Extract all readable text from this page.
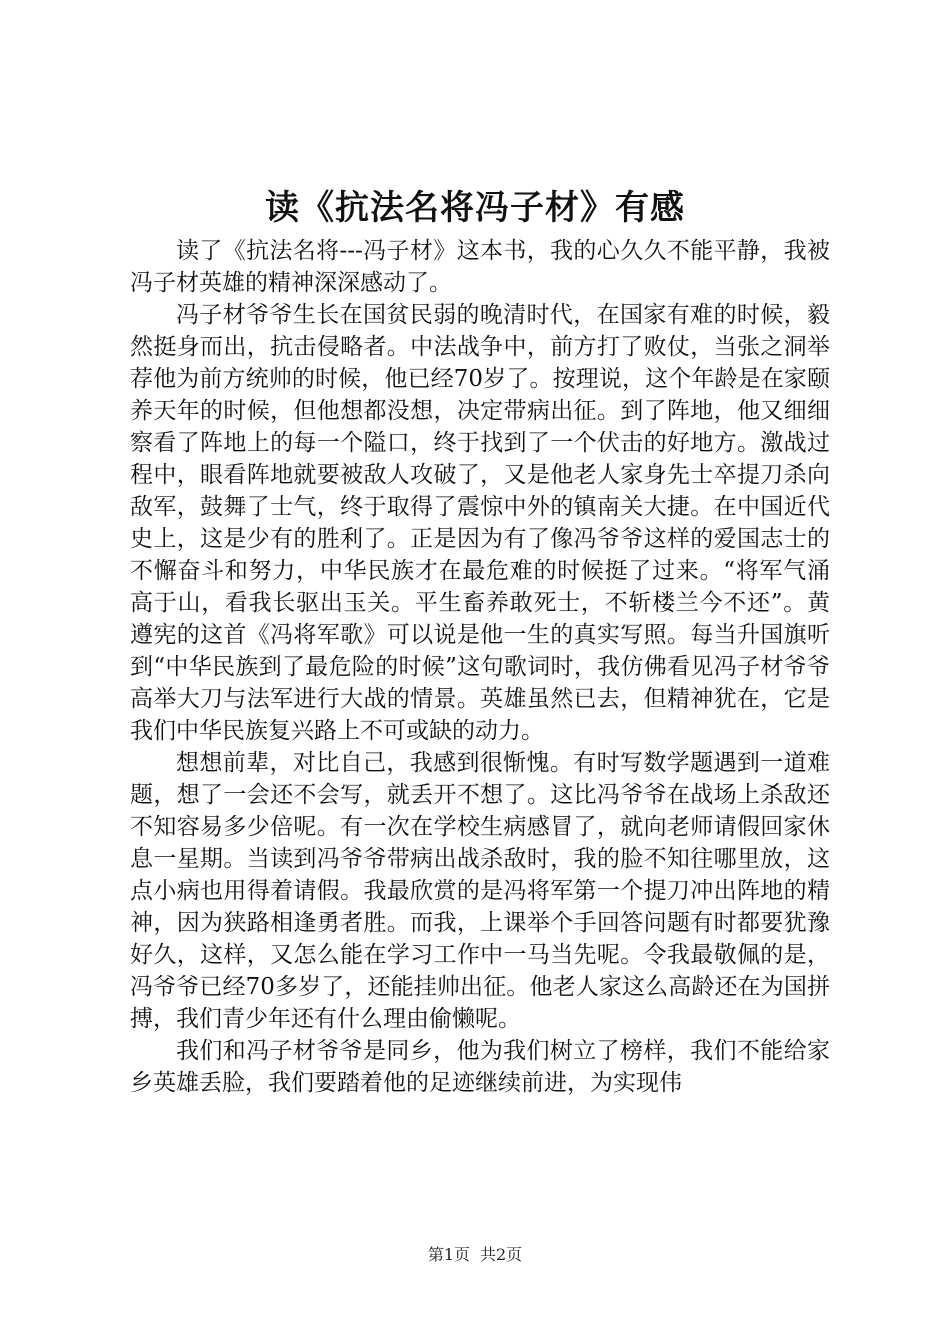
读《抗法名将冯子材》有感

读了《抗法名将---冯子材》这本书，我的心久久不能平静，我被冯子材英雄的精神深深感动了。

冯子材爷爷生长在国贫民弱的晚清时代，在国家有难的时候，毅然挺身而出，抗击侵略者。中法战争中，前方打了败仗，当张之洞举荐他为前方统帅的时候，他已经70岁了。按理说，这个年龄是在家颐养天年的时候，但他想都没想，决定带病出征。到了阵地，他又细细察看了阵地上的每一个隘口，终于找到了一个伏击的好地方。激战过程中，眼看阵地就要被敌人攻破了，又是他老人家身先士卒提刀杀向敌军，鼓舞了士气，终于取得了震惊中外的镇南关大捷。在中国近代史上，这是少有的胜利了。正是因为有了像冯爷爷这样的爱国志士的不懈奋斗和努力，中华民族才在最危难的时候挺了过来。“将军气涌高于山，看我长驱出玉关。平生畜养敢死士，不斩楼兰今不还”。黄遵宪的这首《冯将军歌》可以说是他一生的真实写照。每当升国旗听到“中华民族到了最危险的时候”这句歌词时，我仿佛看见冯子材爷爷高举大刀与法军进行大战的情景。英雄虽然已去，但精神犹在，它是我们中华民族复兴路上不可或缺的动力。

想想前辈，对比自己，我感到很惭愧。有时写数学题遇到一道难题，想了一会还不会写，就丢开不想了。这比冯爷爷在战场上杀敌还不知容易多少倍呢。有一次在学校生病感冒了，就向老师请假回家休息一星期。当读到冯爷爷带病出战杀敌时，我的脸不知往哪里放，这点小病也用得着请假。我最欣赏的是冯将军第一个提刀冲出阵地的精神，因为狭路相逢勇者胜。而我，上课举个手回答问题有时都要犹豫好久，这样，又怎么能在学习工作中一马当先呢。令我最敬佩的是，冯爷爷已经70多岁了，还能挂帅出征。他老人家这么高龄还在为国拼搏，我们青少年还有什么理由偷懒呢。

我们和冯子材爷爷是同乡，他为我们树立了榜样，我们不能给家乡英雄丢脸，我们要踏着他的足迹继续前进，为实现伟

第1页 共2页
